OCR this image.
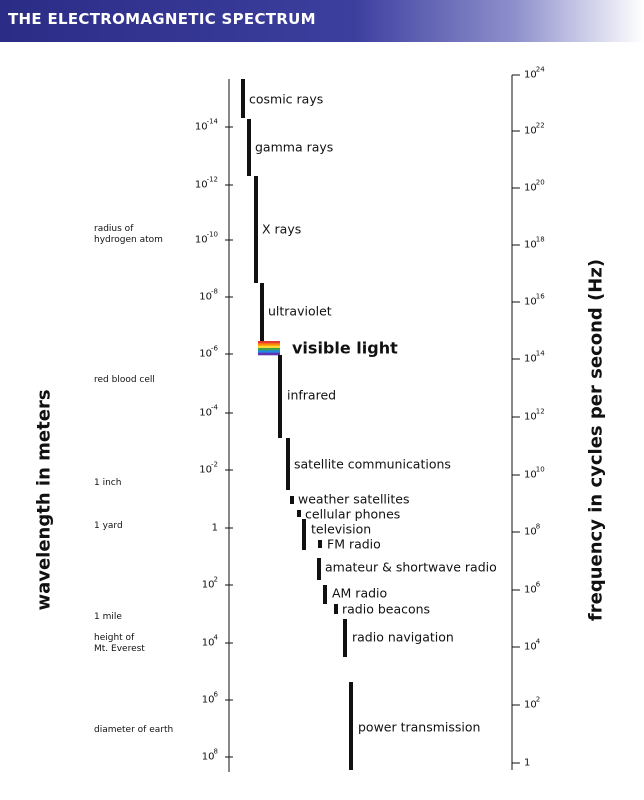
THE ELECTROMAGNETIC SPECTRUM
wavelength in meters	frequency in cycles per second (Hz)
$10^{-14}$
$10^{-12}$
$10^{-10}$
$10^{-8}$
$10^{-6}$
$10^{-4}$
$10^{-2}$
1
$10^2$
$10^4$
$10^6$
$10^8$
$10^{24}$
$10^{22}$
$10^{20}$
$10^{18}$
$10^{16}$
$10^{14}$
$10^{12}$
$10^{10}$
$10^8$
$10^6$
$10^4$
$10^2$
1
radius of
hydrogen atom
red blood cell
1 inch
1 yard
1 mile
height of
Mt. Everest
diameter of earth
cosmic rays
gamma rays
X rays
ultraviolet
visible light
infrared
satellite communications
weather satellites
cellular phones
television
FM radio
amateur & shortwave radio
AM radio
radio beacons
radio navigation
power transmission
